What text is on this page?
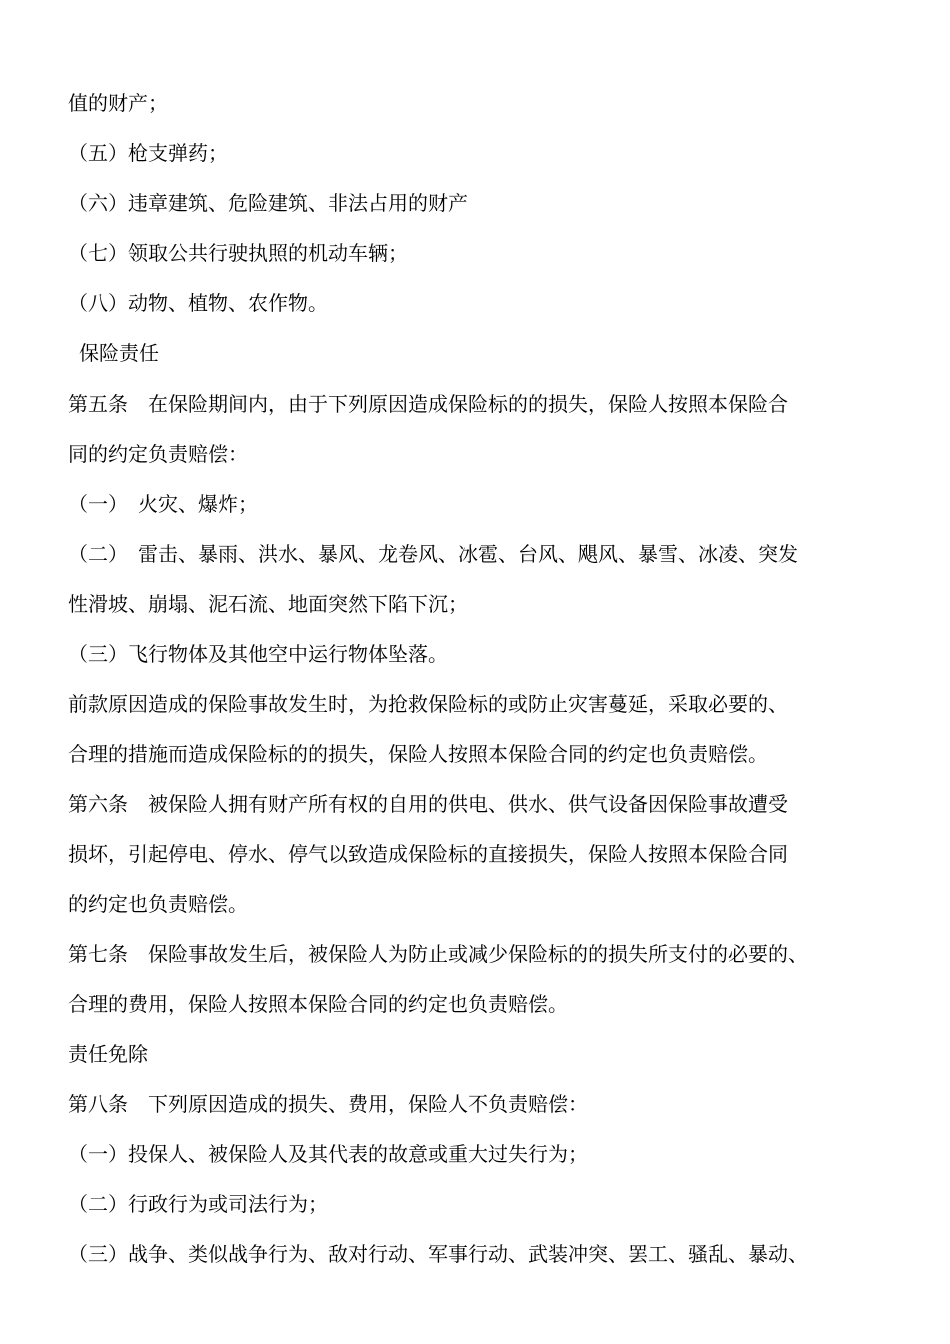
值的财产；
（五）枪支弹药；
（六）违章建筑、危险建筑、非法占用的财产
（七）领取公共行驶执照的机动车辆；
（八）动物、植物、农作物。
保险责任
第五条　在保险期间内，由于下列原因造成保险标的的损失，保险人按照本保险合
同的约定负责赔偿：
（一）　火灾、爆炸；
（二）　雷击、暴雨、洪水、暴风、龙卷风、冰雹、台风、飓风、暴雪、冰凌、突发
性滑坡、崩塌、泥石流、地面突然下陷下沉；
（三）飞行物体及其他空中运行物体坠落。
前款原因造成的保险事故发生时，为抢救保险标的或防止灾害蔓延，采取必要的、
合理的措施而造成保险标的的损失，保险人按照本保险合同的约定也负责赔偿。
第六条　被保险人拥有财产所有权的自用的供电、供水、供气设备因保险事故遭受
损坏，引起停电、停水、停气以致造成保险标的直接损失，保险人按照本保险合同
的约定也负责赔偿。
第七条　保险事故发生后，被保险人为防止或减少保险标的的损失所支付的必要的、
合理的费用，保险人按照本保险合同的约定也负责赔偿。
责任免除
第八条　下列原因造成的损失、费用，保险人不负责赔偿：
（一）投保人、被保险人及其代表的故意或重大过失行为；
（二）行政行为或司法行为；
（三）战争、类似战争行为、敌对行动、军事行动、武装冲突、罢工、骚乱、暴动、
